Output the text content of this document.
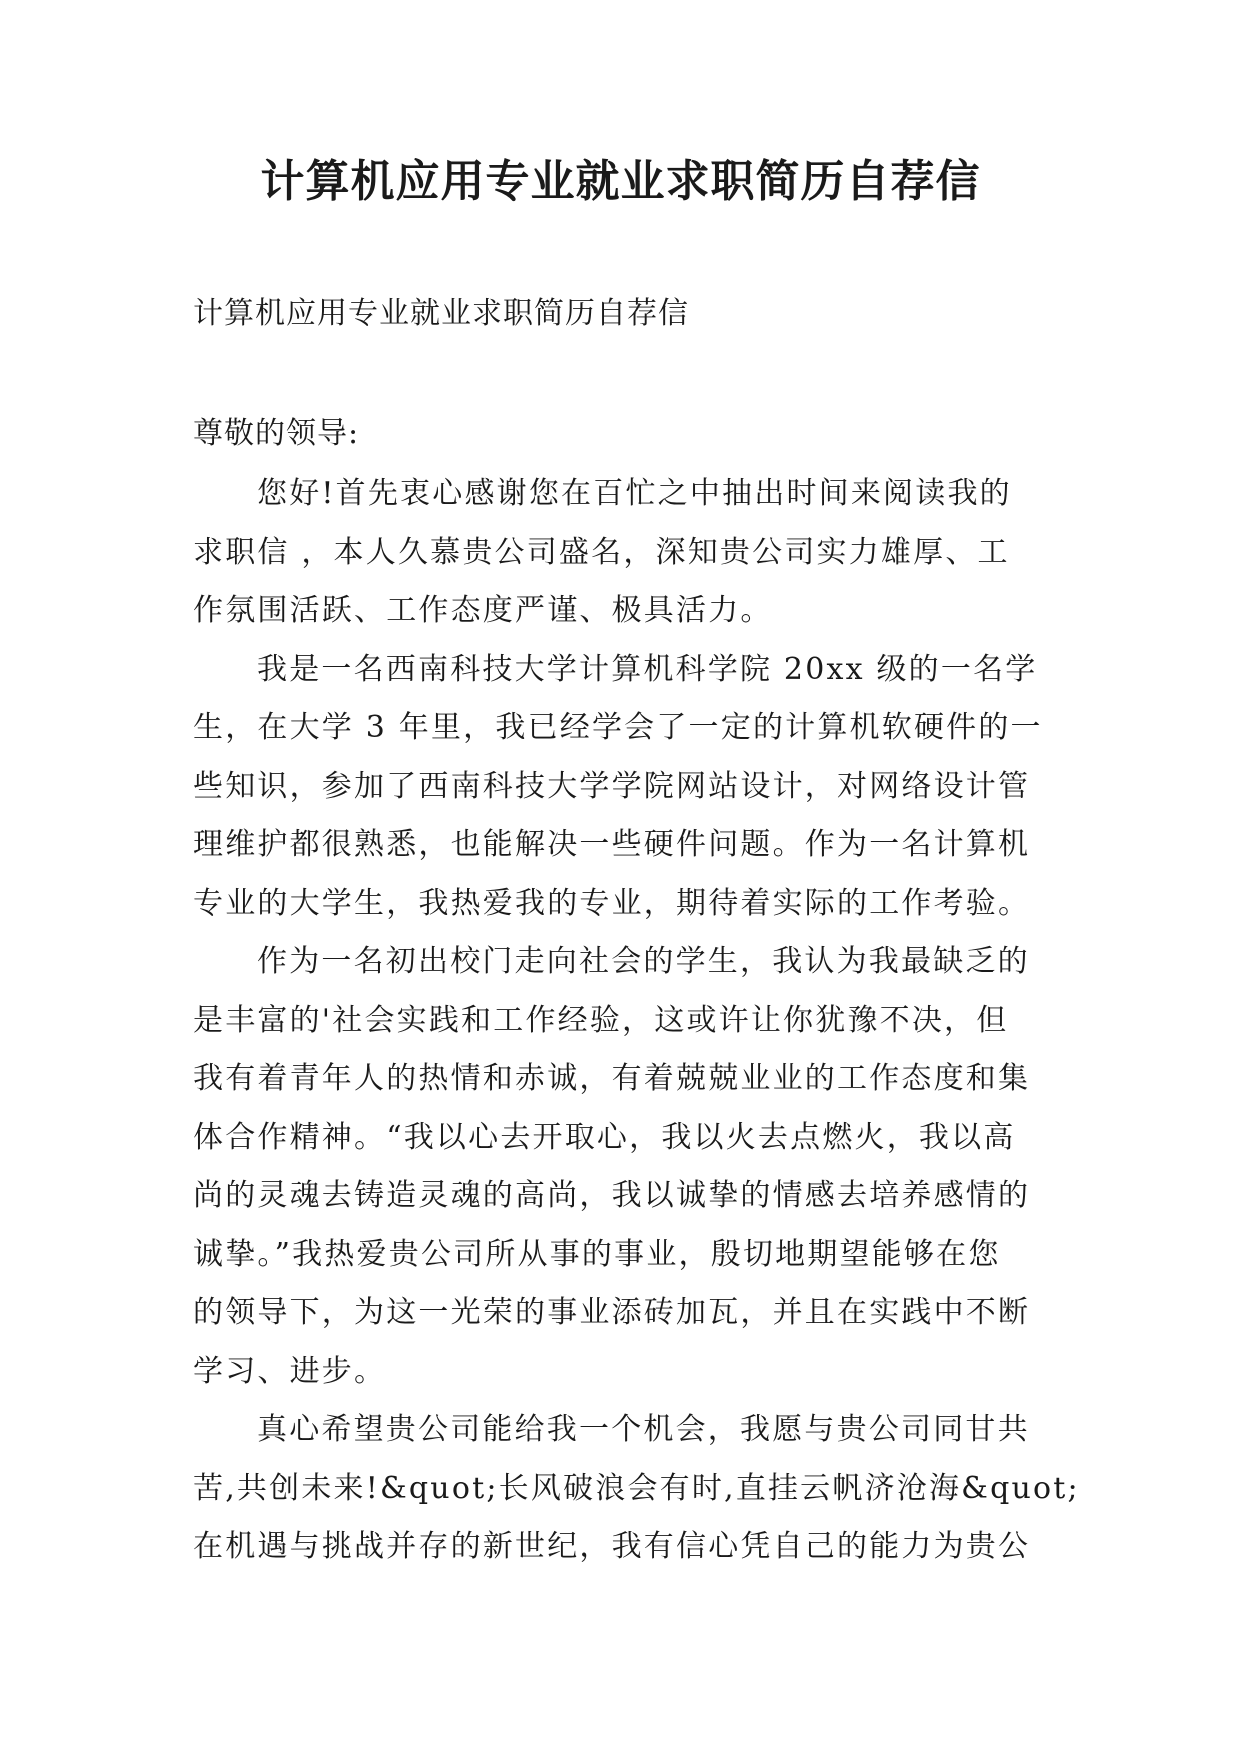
计算机应用专业就业求职简历自荐信

计算机应用专业就业求职简历自荐信

尊敬的领导:

您好!首先衷心感谢您在百忙之中抽出时间来阅读我的
求职信 ，本人久慕贵公司盛名，深知贵公司实力雄厚、工
作氛围活跃、工作态度严谨、极具活力。
我是一名西南科技大学计算机科学院 20xx 级的一名学
生，在大学 3 年里，我已经学会了一定的计算机软硬件的一
些知识，参加了西南科技大学学院网站设计，对网络设计管
理维护都很熟悉，也能解决一些硬件问题。作为一名计算机
专业的大学生，我热爱我的专业，期待着实际的工作考验。
作为一名初出校门走向社会的学生，我认为我最缺乏的
是丰富的'社会实践和工作经验，这或许让你犹豫不决，但
我有着青年人的热情和赤诚，有着兢兢业业的工作态度和集
体合作精神。“我以心去开取心，我以火去点燃火，我以高
尚的灵魂去铸造灵魂的高尚，我以诚挚的情感去培养感情的
诚挚。”我热爱贵公司所从事的事业，殷切地期望能够在您
的领导下，为这一光荣的事业添砖加瓦，并且在实践中不断
学习、进步。
真心希望贵公司能给我一个机会，我愿与贵公司同甘共
苦,共创未来!&quot;长风破浪会有时,直挂云帆济沧海&quot;
在机遇与挑战并存的新世纪，我有信心凭自己的能力为贵公
